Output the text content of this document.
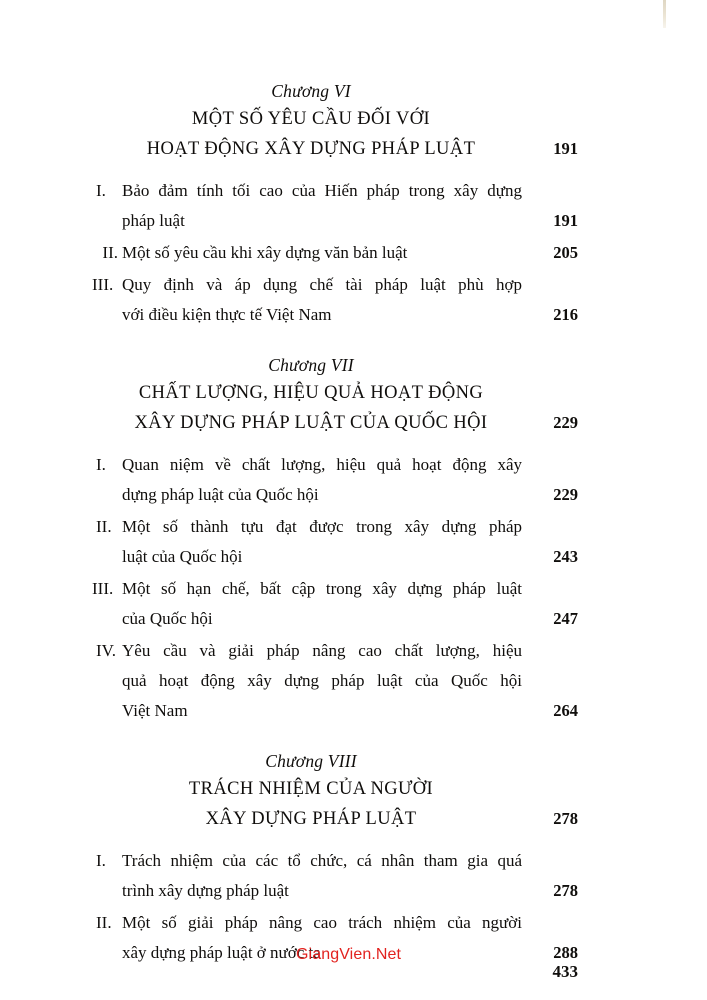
Chương VI
MỘT SỐ YÊU CẦU ĐỐI VỚI
HOẠT ĐỘNG XÂY DỰNG PHÁP LUẬT	191
I. Bảo đảm tính tối cao của Hiến pháp trong xây dựng
pháp luật	191
II. Một số yêu cầu khi xây dựng văn bản luật	205
III. Quy định và áp dụng chế tài pháp luật phù hợp
với điều kiện thực tế Việt Nam	216
Chương VII
CHẤT LƯỢNG, HIỆU QUẢ HOẠT ĐỘNG
XÂY DỰNG PHÁP LUẬT CỦA QUỐC HỘI	229
I. Quan niệm về chất lượng, hiệu quả hoạt động xây
dựng pháp luật của Quốc hội	229
II. Một số thành tựu đạt được trong xây dựng pháp
luật của Quốc hội	243
III. Một số hạn chế, bất cập trong xây dựng pháp luật
của Quốc hội	247
IV. Yêu cầu và giải pháp nâng cao chất lượng, hiệu
quả hoạt động xây dựng pháp luật của Quốc hội
Việt Nam	264
Chương VIII
TRÁCH NHIỆM CỦA NGƯỜI
XÂY DỰNG PHÁP LUẬT	278
I. Trách nhiệm của các tổ chức, cá nhân tham gia quá
trình xây dựng pháp luật	278
II. Một số giải pháp nâng cao trách nhiệm của người
xây dựng pháp luật ở nước ta	288
GiangVien.Net
433
